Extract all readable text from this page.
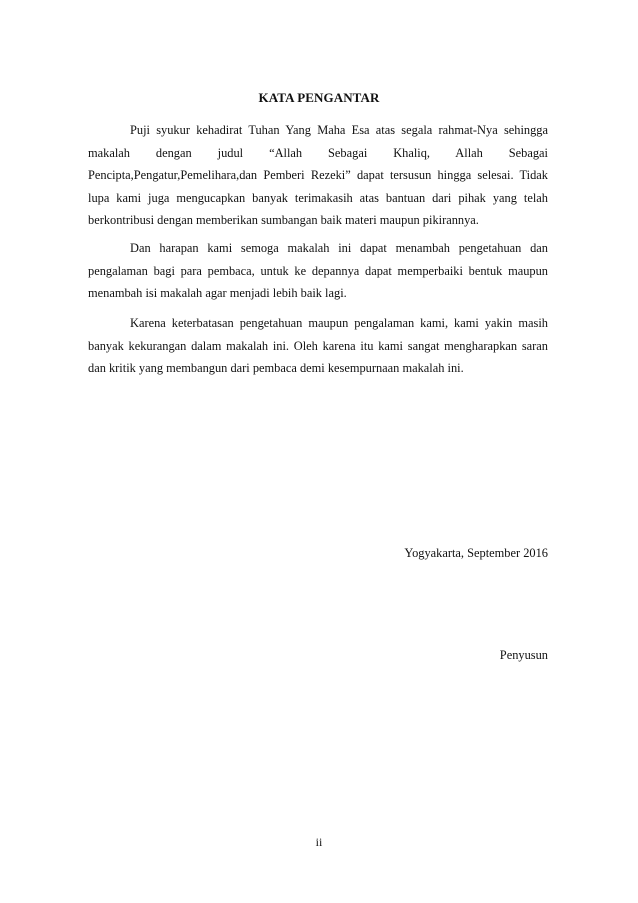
KATA PENGANTAR

Puji syukur kehadirat Tuhan Yang Maha Esa atas segala rahmat-Nya sehingga makalah dengan judul “Allah Sebagai Khaliq, Allah Sebagai Pencipta,Pengatur,Pemelihara,dan Pemberi Rezeki” dapat tersusun hingga selesai. Tidak lupa kami juga mengucapkan banyak terimakasih atas bantuan dari pihak yang telah berkontribusi dengan memberikan sumbangan baik materi maupun pikirannya.

Dan harapan kami semoga makalah ini dapat menambah pengetahuan dan pengalaman bagi para pembaca, untuk ke depannya dapat memperbaiki bentuk maupun menambah isi makalah agar menjadi lebih baik lagi.

Karena keterbatasan pengetahuan maupun pengalaman kami, kami yakin masih banyak kekurangan dalam makalah ini. Oleh karena itu kami sangat mengharapkan saran dan kritik yang membangun dari pembaca demi kesempurnaan makalah ini.

Yogyakarta, September 2016
Penyusun
ii
